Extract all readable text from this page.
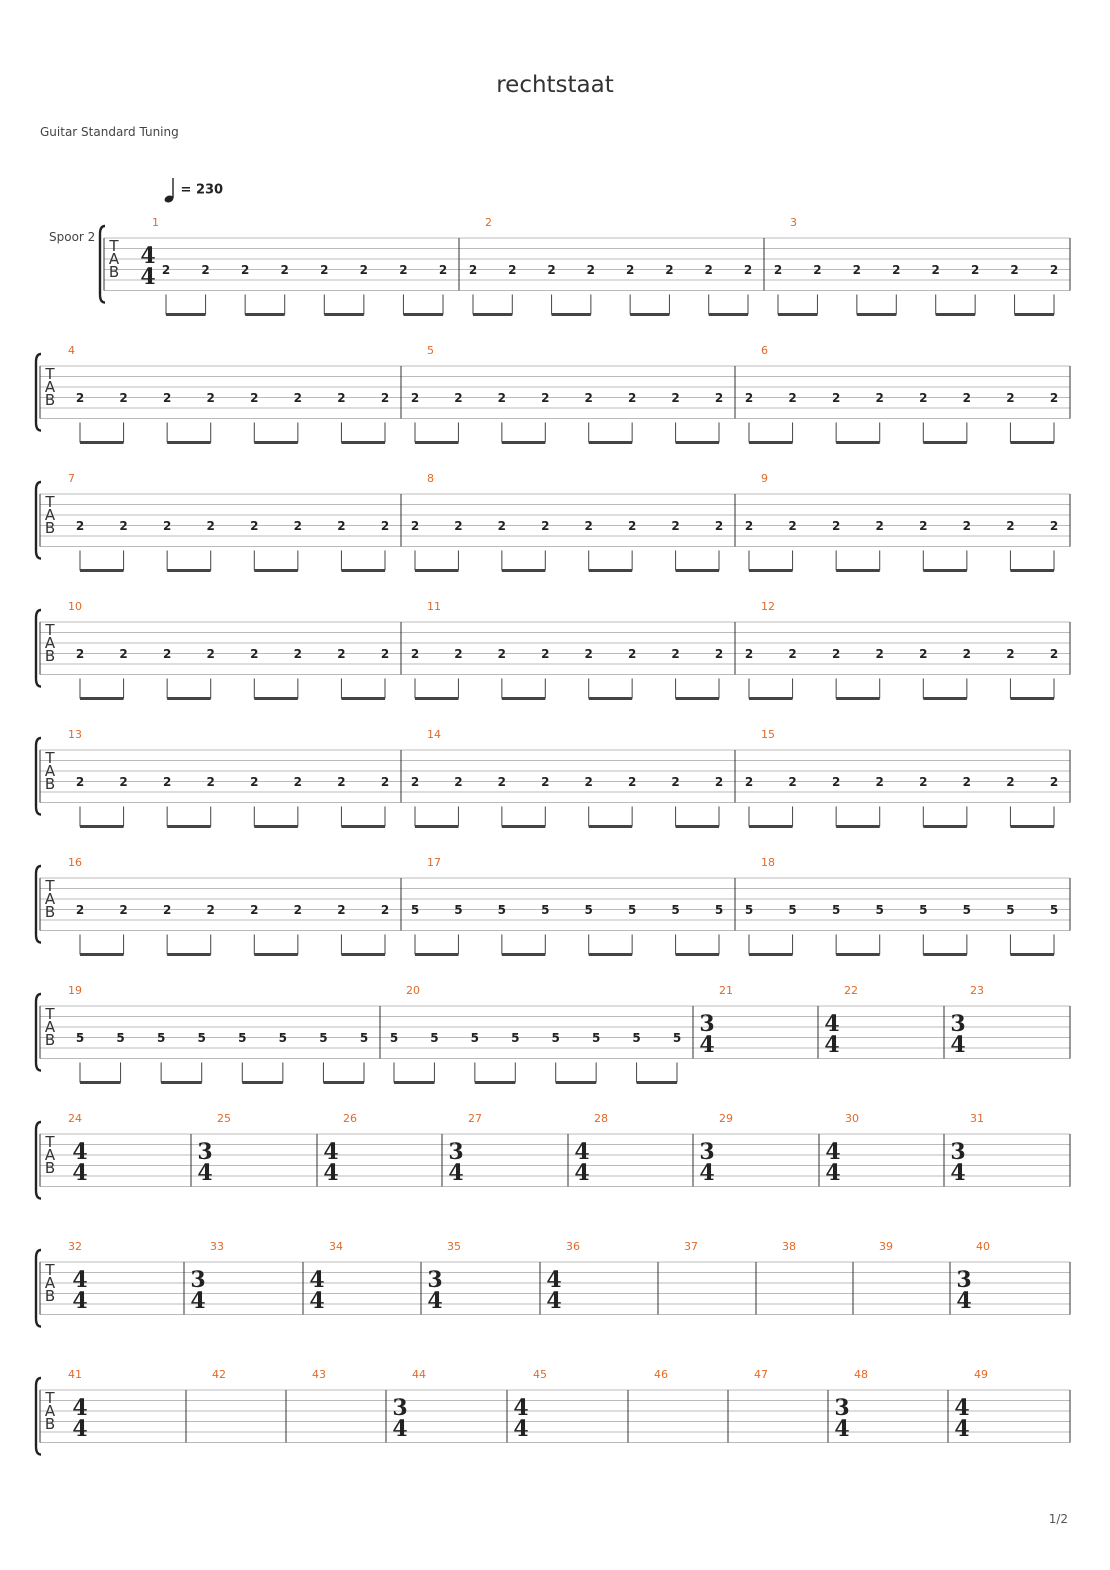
rechtstaat
Guitar Standard Tuning
= 230
T
A
B
Spoor 2
1
4
4 2	2	2	2	2	2	2	2
2
2	2	2	2	2	2	2	2
3
2	2	2	2	2	2	2	2
T
A
B
4
2	2	2	2	2	2	2	2
5
2	2	2	2	2	2	2	2
6
2	2	2	2	2	2	2	2
T
A
B
7
2	2	2	2	2	2	2	2
8
2	2	2	2	2	2	2	2
9
2	2	2	2	2	2	2	2
T
A
B
10
2	2	2	2	2	2	2	2
11
2	2	2	2	2	2	2	2
12
2	2	2	2	2	2	2	2
T
A
B
13
2	2	2	2	2	2	2	2
14
2	2	2	2	2	2	2	2
15
2	2	2	2	2	2	2	2
T
A
B
16
2	2	2	2	2	2	2	2
17
5	5	5	5	5	5	5	5
18
5	5	5	5	5	5	5	5
T
A
B
19
5	5	5	5	5	5	5	5
20
5	5	5	5	5	5	5	5
21
3
4
22
4
4
23
3
4
T
A
B
24
4
4
25
3
4
26
4
4
27
3
4
28
4
4
29
3
4
30
4
4
31
3
4
T
A
B
32
4
4
33
3
4
34
4
4
35
3
4
36
4
4
37	38	39	40
3
4
T
A
B
41
4
4
42	43	44
3
4
45
4
4
46	47	48
3
4
49
4
4
1/2
